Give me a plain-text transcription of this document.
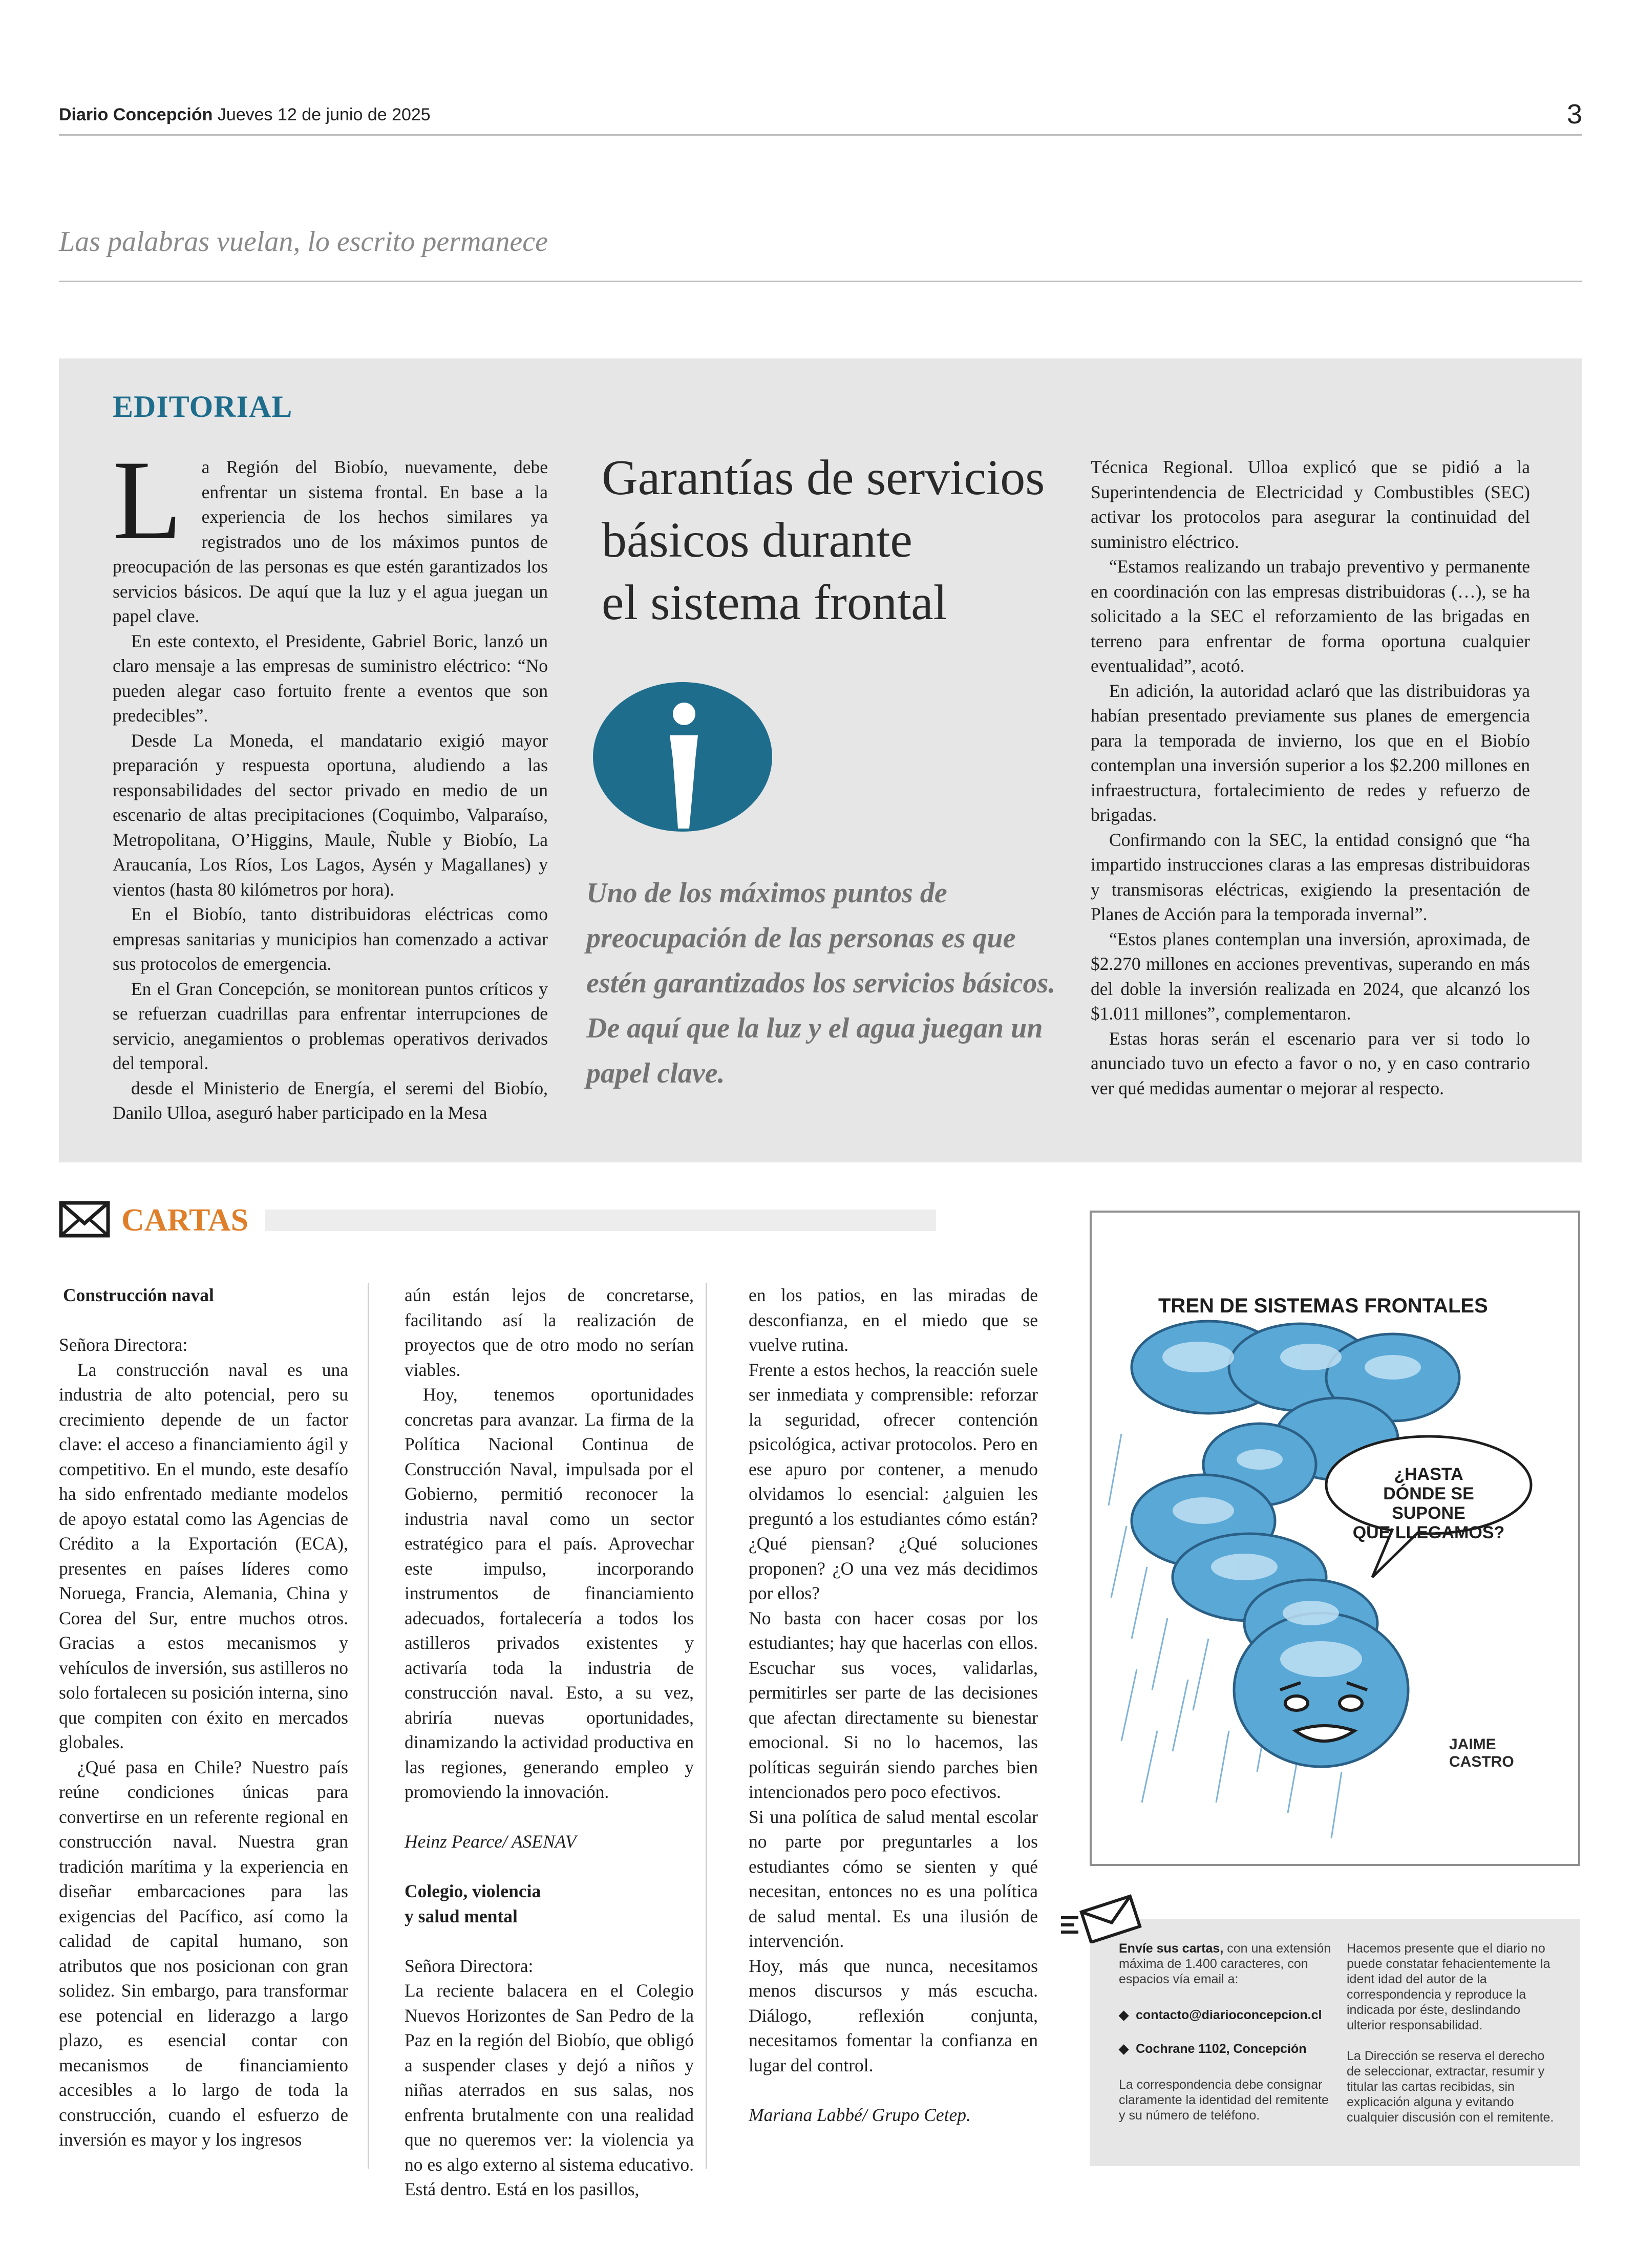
Diario Concepción Jueves 12 de junio de 2025	3
Las palabras vuelan, lo escrito permanece
EDITORIAL
L	a Región del Biobío, nuevamente, debe enfrentar un sistema frontal. En base a la experiencia de los hechos similares ya registrados uno de los máximos puntos de preocupación de las personas es que estén garantizados los servicios básicos. De aquí que la luz y el agua juegan un papel clave.

En este contexto, el Presidente, Gabriel Boric, lanzó un claro mensaje a las empresas de suministro eléctrico: “No pueden alegar caso fortuito frente a eventos que son predecibles”.

Desde La Moneda, el mandatario exigió mayor preparación y respuesta oportuna, aludiendo a las responsabilidades del sector privado en medio de un escenario de altas precipitaciones (Coquimbo, Valparaíso, Metropolitana, O’Higgins, Maule, Ñuble y Biobío, La Araucanía, Los Ríos, Los Lagos, Aysén y Magallanes) y vientos (hasta 80 kilómetros por hora).

En el Biobío, tanto distribuidoras eléctricas como empresas sanitarias y municipios han comenzado a activar sus protocolos de emergencia.

En el Gran Concepción, se monitorean puntos críticos y se refuerzan cuadrillas para enfrentar interrupciones de servicio, anegamientos o problemas operativos derivados del temporal.

desde el Ministerio de Energía, el seremi del Biobío, Danilo Ulloa, aseguró haber participado en la Mesa

Garantías de servicios
básicos durante
el sistema frontal
Uno de los máximos puntos de preocupación de las personas es que estén garantizados los servicios básicos. De aquí que la luz y el agua juegan un papel clave.

Técnica Regional. Ulloa explicó que se pidió a la Superintendencia de Electricidad y Combustibles (SEC) activar los protocolos para asegurar la continuidad del suministro eléctrico.

“Estamos realizando un trabajo preventivo y permanente en coordinación con las empresas distribuidoras (…), se ha solicitado a la SEC el reforzamiento de las brigadas en terreno para enfrentar de forma oportuna cualquier eventualidad”, acotó.

En adición, la autoridad aclaró que las distribuidoras ya habían presentado previamente sus planes de emergencia para la temporada de invierno, los que en el Biobío contemplan una inversión superior a los $2.200 millones en infraestructura, fortalecimiento de redes y refuerzo de brigadas.

Confirmando con la SEC, la entidad consignó que “ha impartido instrucciones claras a las empresas distribuidoras y transmisoras eléctricas, exigiendo la presentación de Planes de Acción para la temporada invernal”.

“Estos planes contemplan una inversión, aproximada, de $2.270 millones en acciones preventivas, superando en más del doble la inversión realizada en 2024, que alcanzó los $1.011 millones”, complementaron.

Estas horas serán el escenario para ver si todo lo anunciado tuvo un efecto a favor o no, y en caso contrario ver qué medidas aumentar o mejorar al respecto.

CARTAS

Construcción naval

Señora Directora:

La construcción naval es una industria de alto potencial, pero su crecimiento depende de un factor clave: el acceso a financiamiento ágil y competitivo. En el mundo, este desafío ha sido enfrentado mediante modelos de apoyo estatal como las Agencias de Crédito a la Exportación (ECA), presentes en países líderes como Noruega, Francia, Alemania, China y Corea del Sur, entre muchos otros. Gracias a estos mecanismos y vehículos de inversión, sus astilleros no solo fortalecen su posición interna, sino que compiten con éxito en mercados globales.

¿Qué pasa en Chile? Nuestro país reúne condiciones únicas para convertirse en un referente regional en construcción naval. Nuestra gran tradición marítima y la experiencia en diseñar embarcaciones para las exigencias del Pacífico, así como la calidad de capital humano, son atributos que nos posicionan con gran solidez. Sin embargo, para transformar ese potencial en liderazgo a largo plazo, es esencial contar con mecanismos de financiamiento accesibles a lo largo de toda la construcción, cuando el esfuerzo de inversión es mayor y los ingresos

aún están lejos de concretarse, facilitando así la realización de proyectos que de otro modo no serían viables.

Hoy, tenemos oportunidades concretas para avanzar. La firma de la Política Nacional Continua de Construcción Naval, impulsada por el Gobierno, permitió reconocer la industria naval como un sector estratégico para el país. Aprovechar este impulso, incorporando instrumentos de financiamiento adecuados, fortalecería a todos los astilleros privados existentes y activaría toda la industria de construcción naval. Esto, a su vez, abriría nuevas oportunidades, dinamizando la actividad productiva en las regiones, generando empleo y promoviendo la innovación.

Heinz Pearce/ ASENAV

Colegio, violencia

y salud mental

Señora Directora:

La reciente balacera en el Colegio Nuevos Horizontes de San Pedro de la Paz en la región del Biobío, que obligó a suspender clases y dejó a niños y niñas aterrados en sus salas, nos enfrenta brutalmente con una realidad que no queremos ver: la violencia ya no es algo externo al sistema educativo. Está dentro. Está en los pasillos,

en los patios, en las miradas de desconfianza, en el miedo que se vuelve rutina.

Frente a estos hechos, la reacción suele ser inmediata y comprensible: reforzar la seguridad, ofrecer contención psicológica, activar protocolos. Pero en ese apuro por contener, a menudo olvidamos lo esencial: ¿alguien les preguntó a los estudiantes cómo están? ¿Qué piensan? ¿Qué soluciones proponen? ¿O una vez más decidimos por ellos?

No basta con hacer cosas por los estudiantes; hay que hacerlas con ellos. Escuchar sus voces, validarlas, permitirles ser parte de las decisiones que afectan directamente su bienestar emocional. Si no lo hacemos, las políticas seguirán siendo parches bien intencionados pero poco efectivos.

Si una política de salud mental escolar no parte por preguntarles a los estudiantes cómo se sienten y qué necesitan, entonces no es una política de salud mental. Es una ilusión de intervención.

Hoy, más que nunca, necesitamos menos discursos y más escucha. Diálogo, reflexión conjunta, necesitamos fomentar la confianza en lugar del control.

Mariana Labbé/ Grupo Cetep.

TREN DE SISTEMAS FRONTALES
¿HASTA
DÓNDE SE SUPONE
QUE LLEGAMOS?
JAIME
CASTRO
Envíe sus cartas, con una extensión máxima de 1.400 caracteres, con espacios vía email a:
◆  contacto@diarioconcepcion.cl
◆  Cochrane 1102, Concepción
La correspondencia debe consignar claramente la identidad del remitente y su número de teléfono.
Hacemos presente que el diario no puede constatar fehacientemente la ident idad del autor de la correspondencia y reproduce la indicada por éste, deslindando ulterior responsabilidad.
La Dirección se reserva el derecho de seleccionar, extractar, resumir y titular las cartas recibidas, sin explicación alguna y evitando cualquier discusión con el remitente.
